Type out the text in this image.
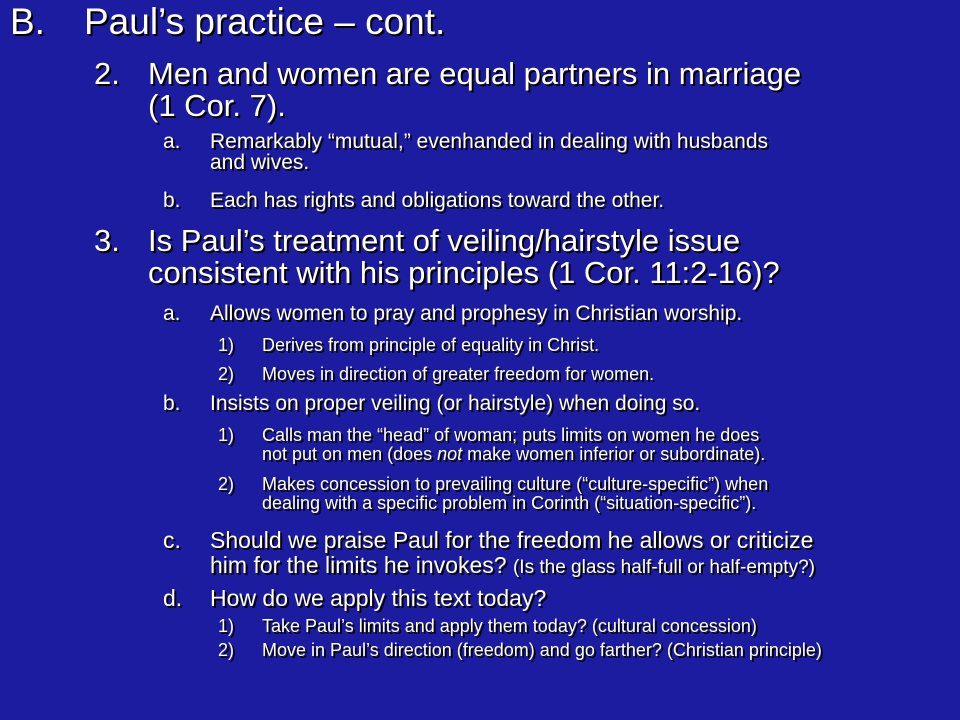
B. Paul’s practice – cont.
2. Men and women are equal partners in marriage
(1 Cor. 7).
a. Remarkably “mutual,” evenhanded in dealing with husbands
and wives.
b. Each has rights and obligations toward the other.
3. Is Paul’s treatment of veiling/hairstyle issue
consistent with his principles (1 Cor. 11:2-16)?
a. Allows women to pray and prophesy in Christian worship.
1) Derives from principle of equality in Christ.
2) Moves in direction of greater freedom for women.
b. Insists on proper veiling (or hairstyle) when doing so.
1) Calls man the “head” of woman; puts limits on women he does
not put on men (does not make women inferior or subordinate).
2) Makes concession to prevailing culture (“culture-specific”) when
dealing with a specific problem in Corinth (“situation-specific”).
c. Should we praise Paul for the freedom he allows or criticize
him for the limits he invokes? (Is the glass half-full or half-empty?)
d. How do we apply this text today?
1) Take Paul’s limits and apply them today? (cultural concession)
2) Move in Paul’s direction (freedom) and go farther? (Christian principle)
